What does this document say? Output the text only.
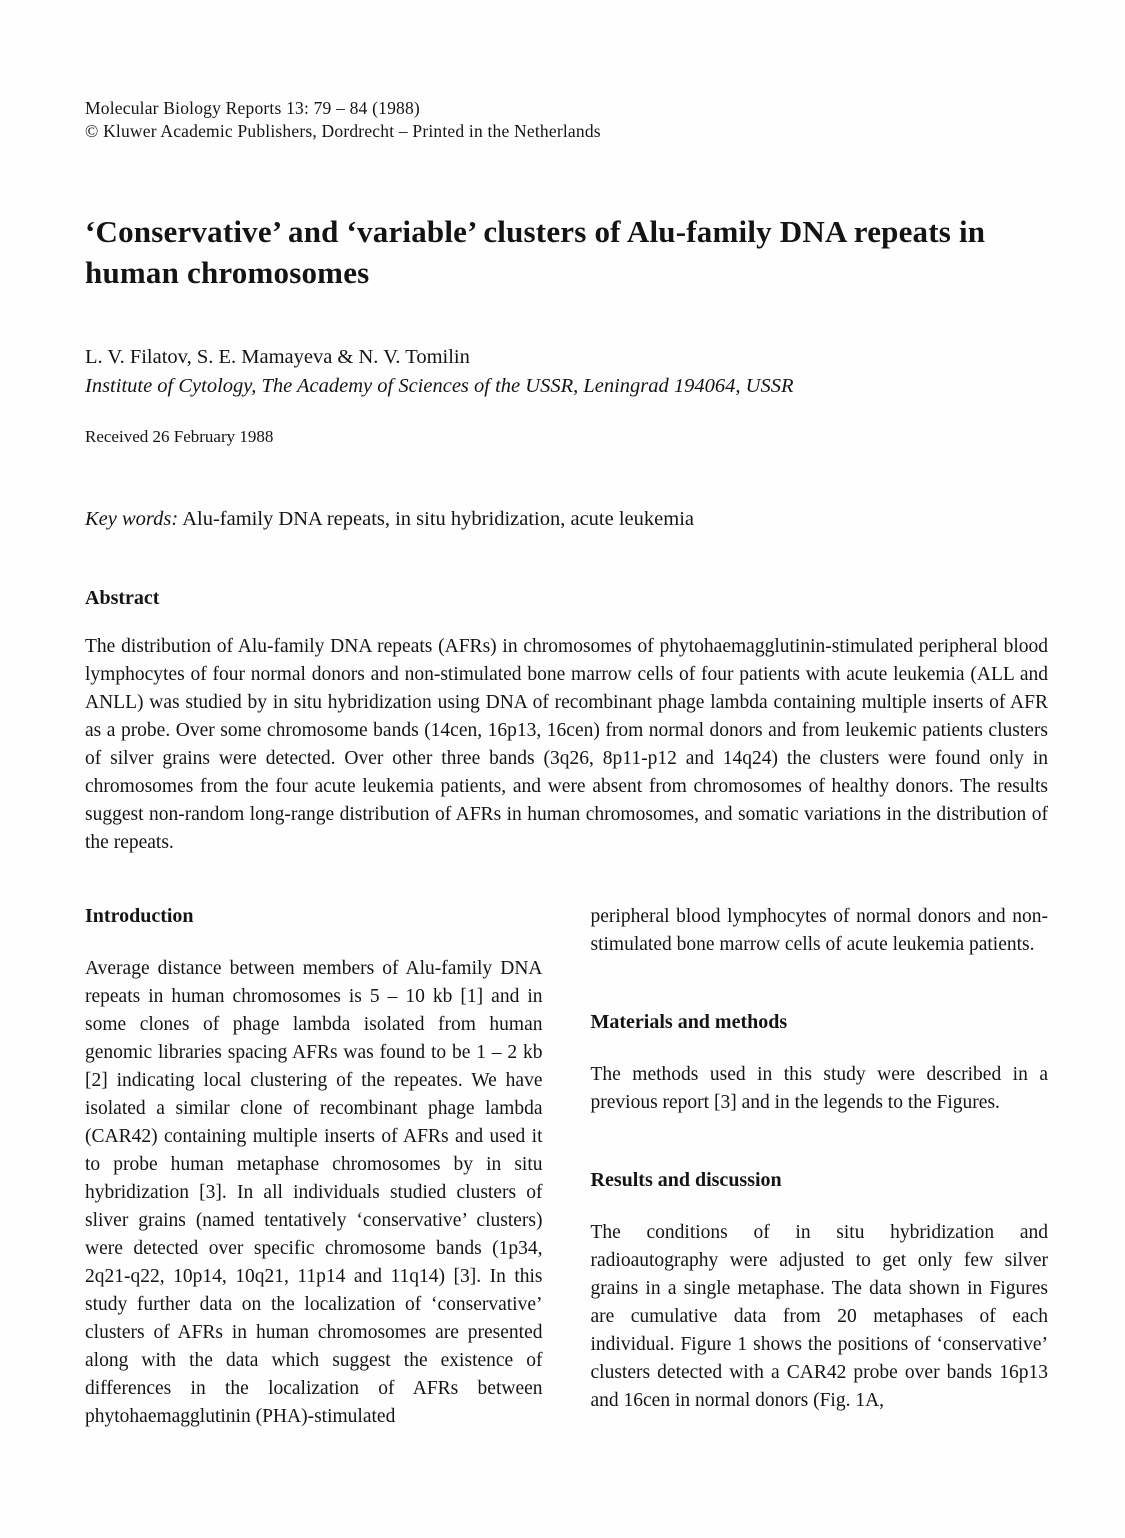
Molecular Biology Reports 13: 79 – 84 (1988)
© Kluwer Academic Publishers, Dordrecht – Printed in the Netherlands
‘Conservative’ and ‘variable’ clusters of Alu-family DNA repeats in human chromosomes
L. V. Filatov, S. E. Mamayeva & N. V. Tomilin
Institute of Cytology, The Academy of Sciences of the USSR, Leningrad 194064, USSR
Received 26 February 1988
Key words: Alu-family DNA repeats, in situ hybridization, acute leukemia
Abstract

The distribution of Alu-family DNA repeats (AFRs) in chromosomes of phytohaemagglutinin-stimulated peripheral blood lymphocytes of four normal donors and non-stimulated bone marrow cells of four patients with acute leukemia (ALL and ANLL) was studied by in situ hybridization using DNA of recombinant phage lambda containing multiple inserts of AFR as a probe. Over some chromosome bands (14cen, 16p13, 16cen) from normal donors and from leukemic patients clusters of silver grains were detected. Over other three bands (3q26, 8p11-p12 and 14q24) the clusters were found only in chromosomes from the four acute leukemia patients, and were absent from chromosomes of healthy donors. The results suggest non-random long-range distribution of AFRs in human chromosomes, and somatic variations in the distribution of the repeats.

Introduction

Average distance between members of Alu-family DNA repeats in human chromosomes is 5 – 10 kb [1] and in some clones of phage lambda isolated from human genomic libraries spacing AFRs was found to be 1 – 2 kb [2] indicating local clustering of the repeates. We have isolated a similar clone of recombinant phage lambda (CAR42) containing multiple inserts of AFRs and used it to probe human metaphase chromosomes by in situ hybridization [3]. In all individuals studied clusters of sliver grains (named tentatively ‘conservative’ clusters) were detected over specific chromosome bands (1p34, 2q21-q22, 10p14, 10q21, 11p14 and 11q14) [3]. In this study further data on the localization of ‘conservative’ clusters of AFRs in human chromosomes are presented along with the data which suggest the existence of differences in the localization of AFRs between phytohaemagglutinin (PHA)-stimulated

peripheral blood lymphocytes of normal donors and non-stimulated bone marrow cells of acute leukemia patients.

Materials and methods

The methods used in this study were described in a previous report [3] and in the legends to the Figures.

Results and discussion

The conditions of in situ hybridization and radioautography were adjusted to get only few silver grains in a single metaphase. The data shown in Figures are cumulative data from 20 metaphases of each individual. Figure 1 shows the positions of ‘conservative’ clusters detected with a CAR42 probe over bands 16p13 and 16cen in normal donors (Fig. 1A,
